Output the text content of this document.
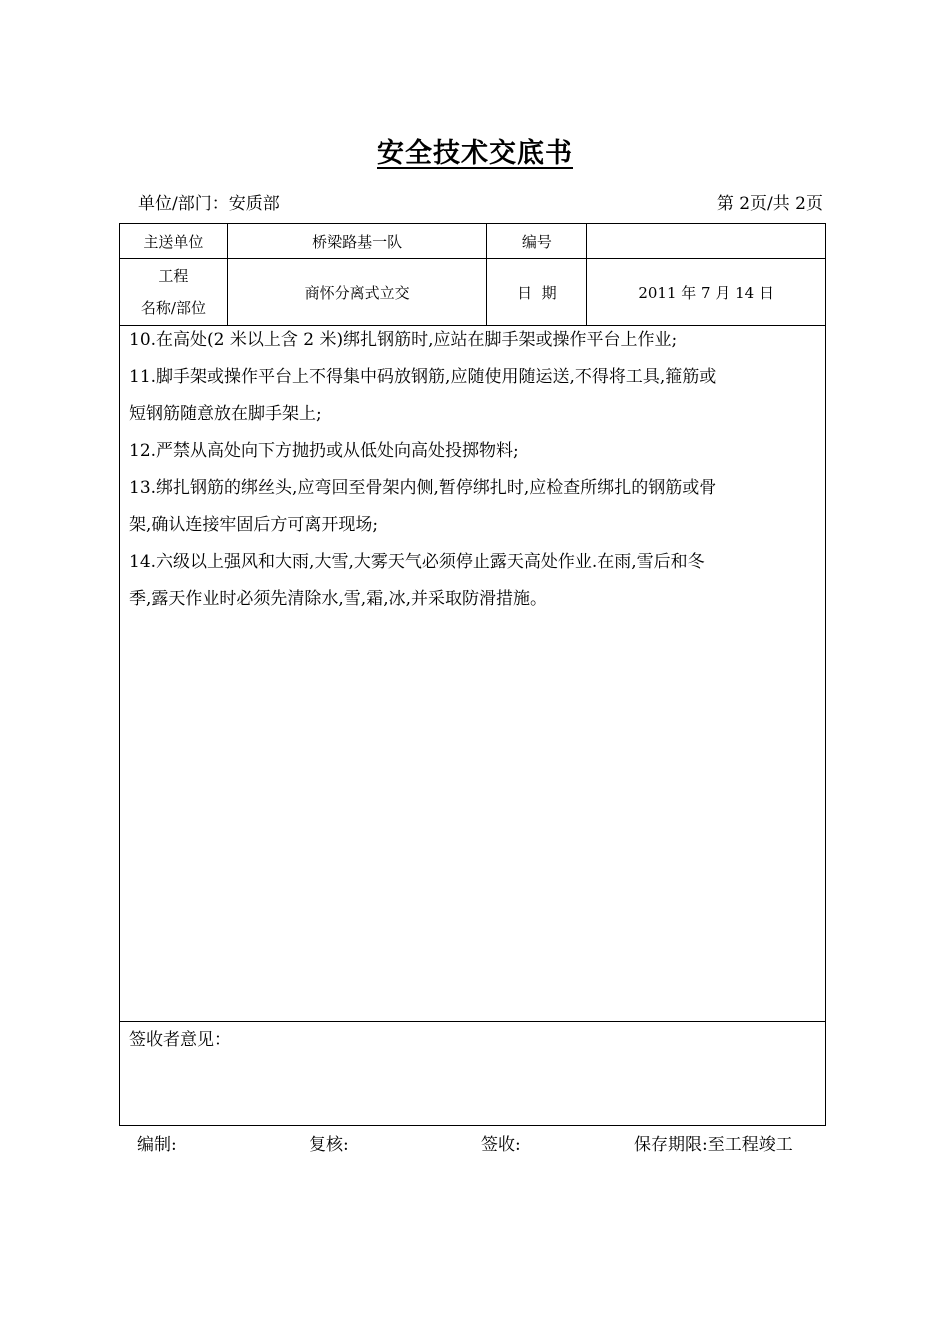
安全技术交底书
单位/部门：安质部	第 2页/共 2页
主送单位	桥梁路基一队	编号	

工程
名称/部位	商怀分离式立交	日  期	2011 年 7 月 14 日

10.在高处(2 米以上含 2 米)绑扎钢筋时,应站在脚手架或操作平台上作业;

11.脚手架或操作平台上不得集中码放钢筋,应随使用随运送,不得将工具,箍筋或

短钢筋随意放在脚手架上;

12.严禁从高处向下方抛扔或从低处向高处投掷物料;

13.绑扎钢筋的绑丝头,应弯回至骨架内侧,暂停绑扎时,应检查所绑扎的钢筋或骨

架,确认连接牢固后方可离开现场;

14.六级以上强风和大雨,大雪,大雾天气必须停止露天高处作业.在雨,雪后和冬

季,露天作业时必须先清除水,雪,霜,冰,并采取防滑措施。

签收者意见：
编制:	复核:	签收:	保存期限:至工程竣工
